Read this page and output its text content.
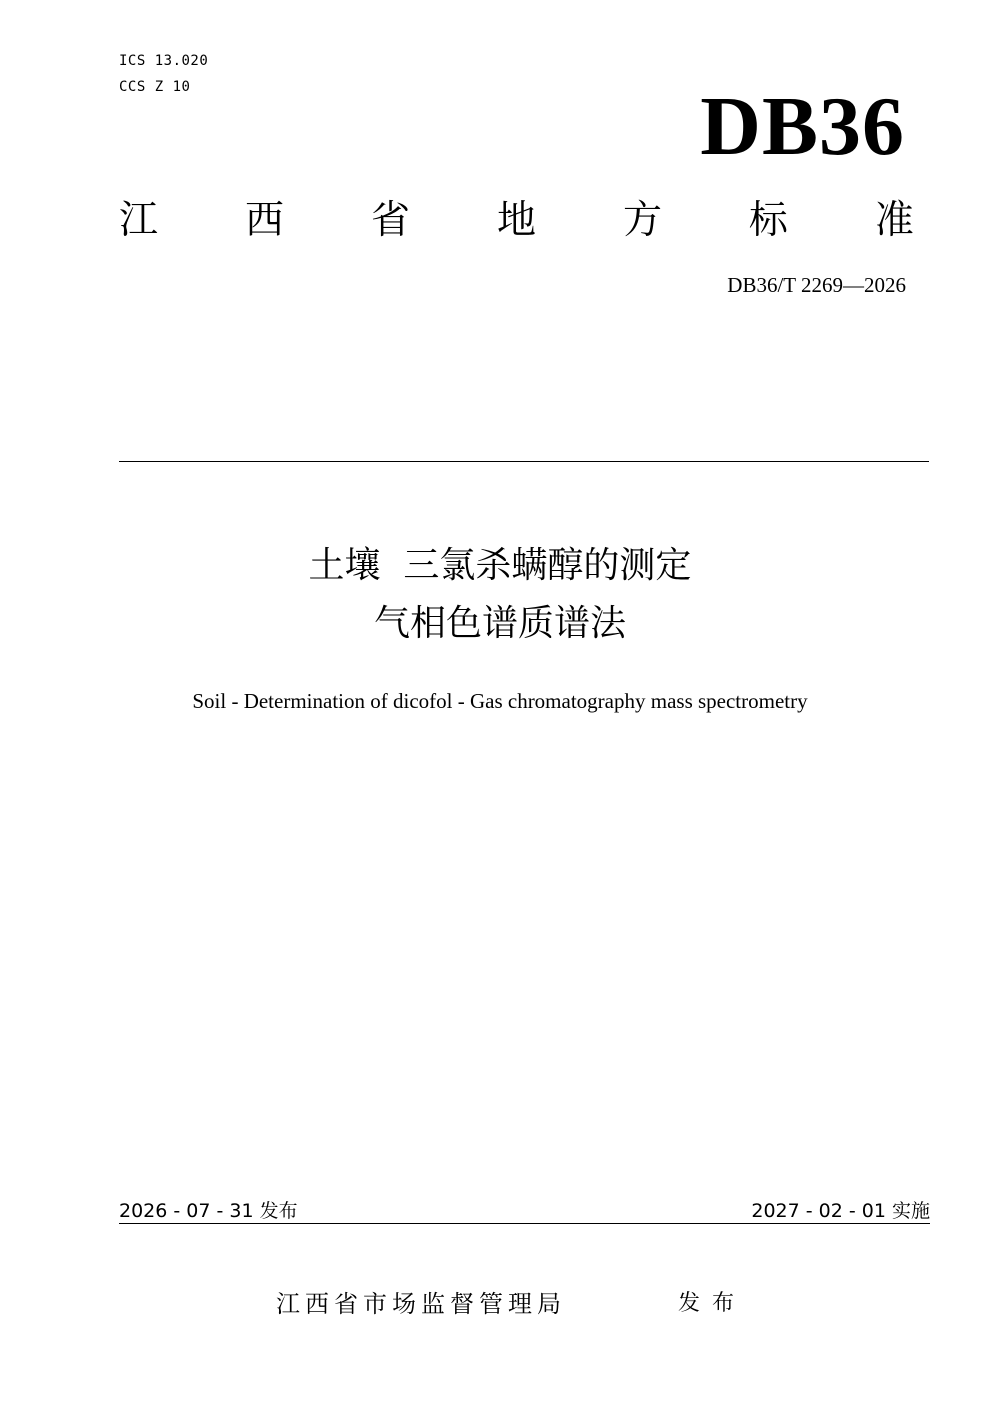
ICS 13.020
CCS Z 10	DB36
江 西 省 地 方 标 准
DB36/T 2269—2026
土壤  三氯杀螨醇的测定
气相色谱质谱法
Soil - Determination of dicofol - Gas chromatography mass spectrometry
2026 - 07 - 31 发布	2027 - 02 - 01 实施
江西省市场监督管理局	发布
